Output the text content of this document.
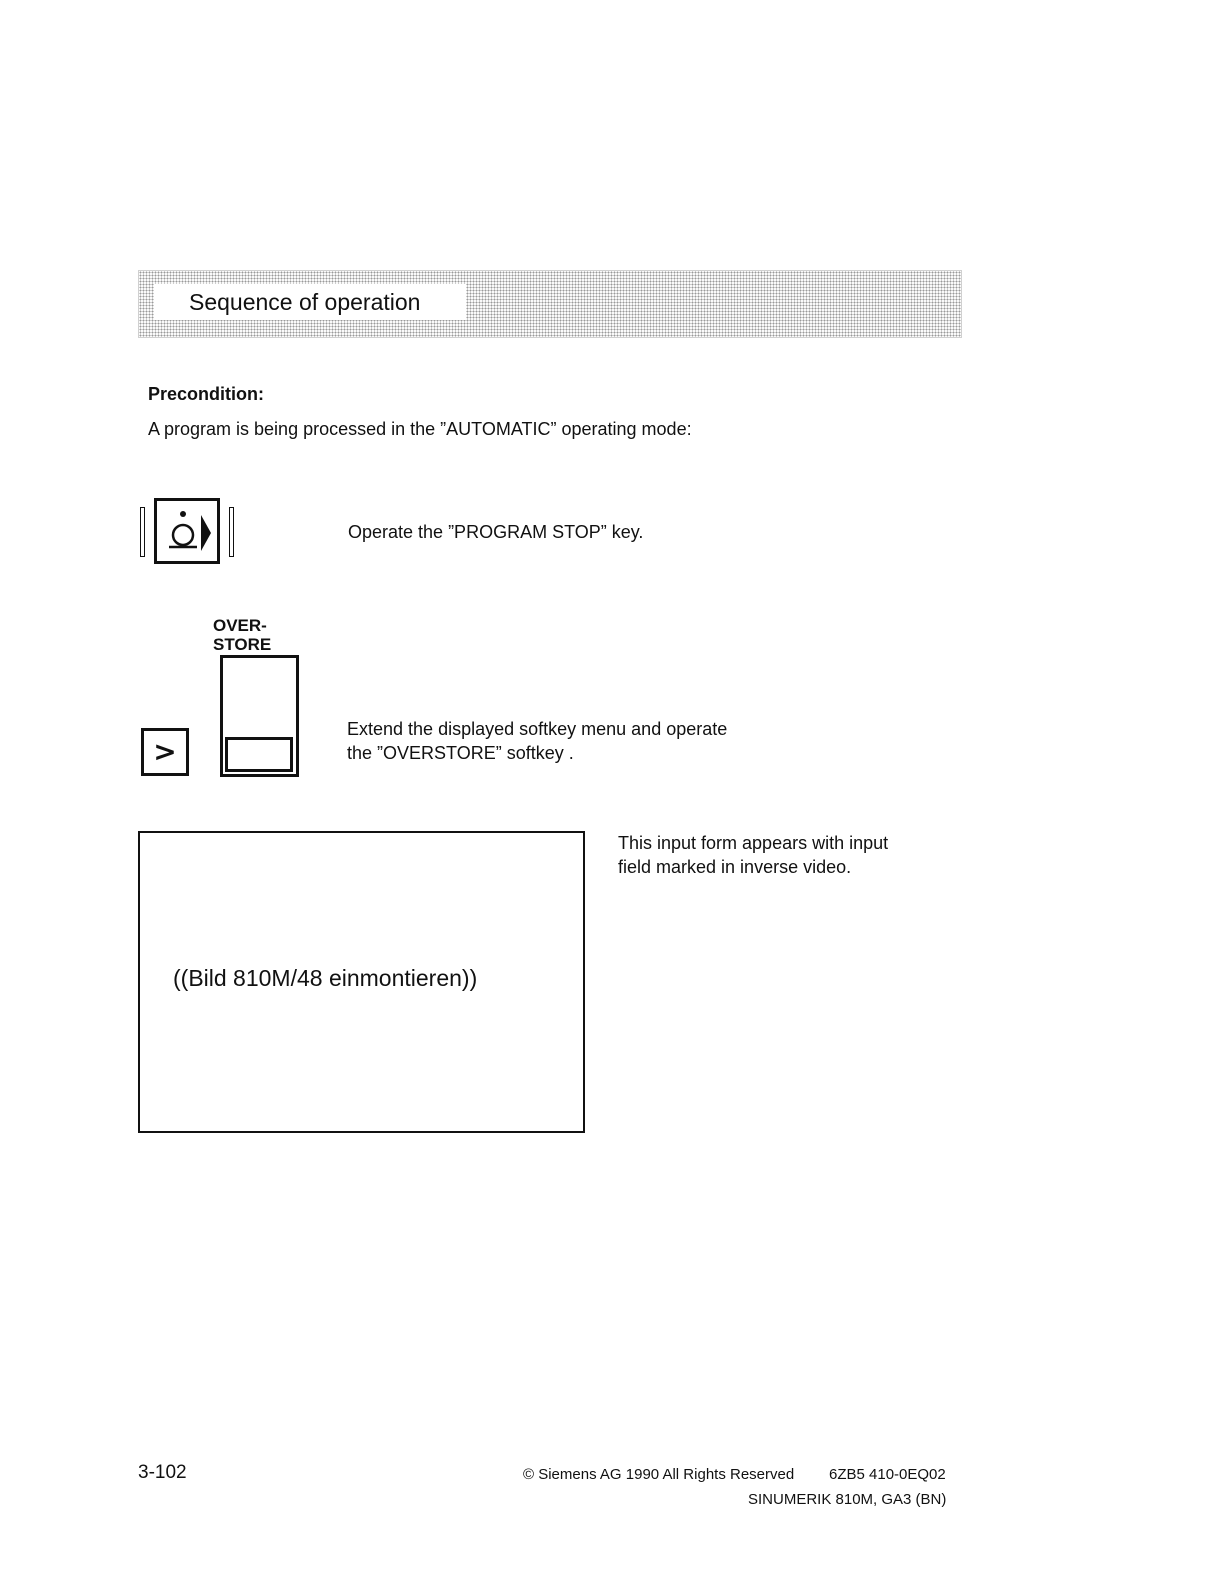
Sequence of operation
Precondition:
A program is being processed in the ”AUTOMATIC” operating mode:
Operate the ”PROGRAM STOP” key.
OVER-
STORE
>
Extend the displayed softkey menu and operate
the ”OVERSTORE” softkey .
((Bild 810M/48 einmontieren))
This input form appears with input
field marked in inverse video.
3-102	© Siemens AG 1990 All Rights Reserved 6ZB5 410-0EQ02
SINUMERIK 810M, GA3 (BN)
